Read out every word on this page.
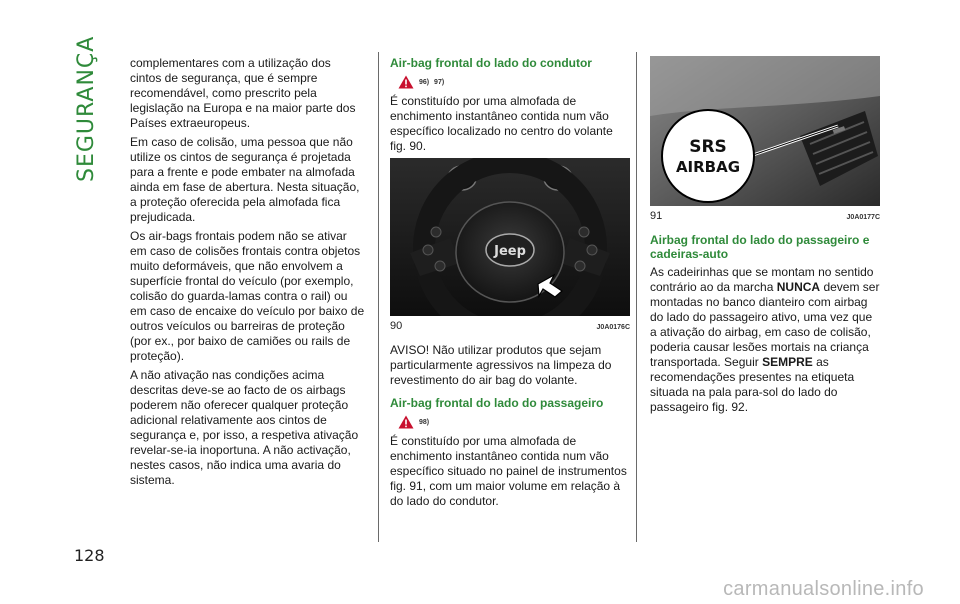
SEGURANÇA
128

complementares com a utilização dos cintos de segurança, que é sempre recomendável, como prescrito pela legislação na Europa e na maior parte dos Países extraeuropeus.

Em caso de colisão, uma pessoa que não utilize os cintos de segurança é projetada para a frente e pode embater na almofada ainda em fase de abertura. Nesta situação, a proteção oferecida pela almofada fica prejudicada.

Os air-bags frontais podem não se ativar em caso de colisões frontais contra objetos muito deformáveis, que não envolvem a superfície frontal do veículo (por exemplo, colisão do guarda-lamas contra o rail) ou em caso de encaixe do veículo por baixo de outros veículos ou barreiras de proteção (por ex., por baixo de camiões ou rails de proteção).

A não ativação nas condições acima descritas deve-se ao facto de os airbags poderem não oferecer qualquer proteção adicional relativamente aos cintos de segurança e, por isso, a respetiva ativação revelar-se-ia inoportuna. A não activação, nestes casos, não indica uma avaria do sistema.

Air-bag frontal do lado do condutor
96) 97)

É constituído por uma almofada de enchimento instantâneo contida num vão específico localizado no centro do volante fig. 90.

Jeep
90	J0A0176C

AVISO! Não utilizar produtos que sejam particularmente agressivos na limpeza do revestimento do air bag do volante.

Air-bag frontal do lado do passageiro
98)

É constituído por uma almofada de enchimento instantâneo contida num vão específico situado no painel de instrumentos fig. 91, com um maior volume em relação à do lado do condutor.

SRS
AIRBAG
91	J0A0177C
Airbag frontal do lado do passageiro e cadeiras-auto

As cadeirinhas que se montam no sentido contrário ao da marcha NUNCA devem ser montadas no banco dianteiro com airbag do lado do passageiro ativo, uma vez que a ativação do airbag, em caso de colisão, poderia causar lesões mortais na criança transportada. Seguir SEMPRE as recomendações presentes na etiqueta situada na pala para-sol do lado do passageiro fig. 92.

carmanualsonline.info
